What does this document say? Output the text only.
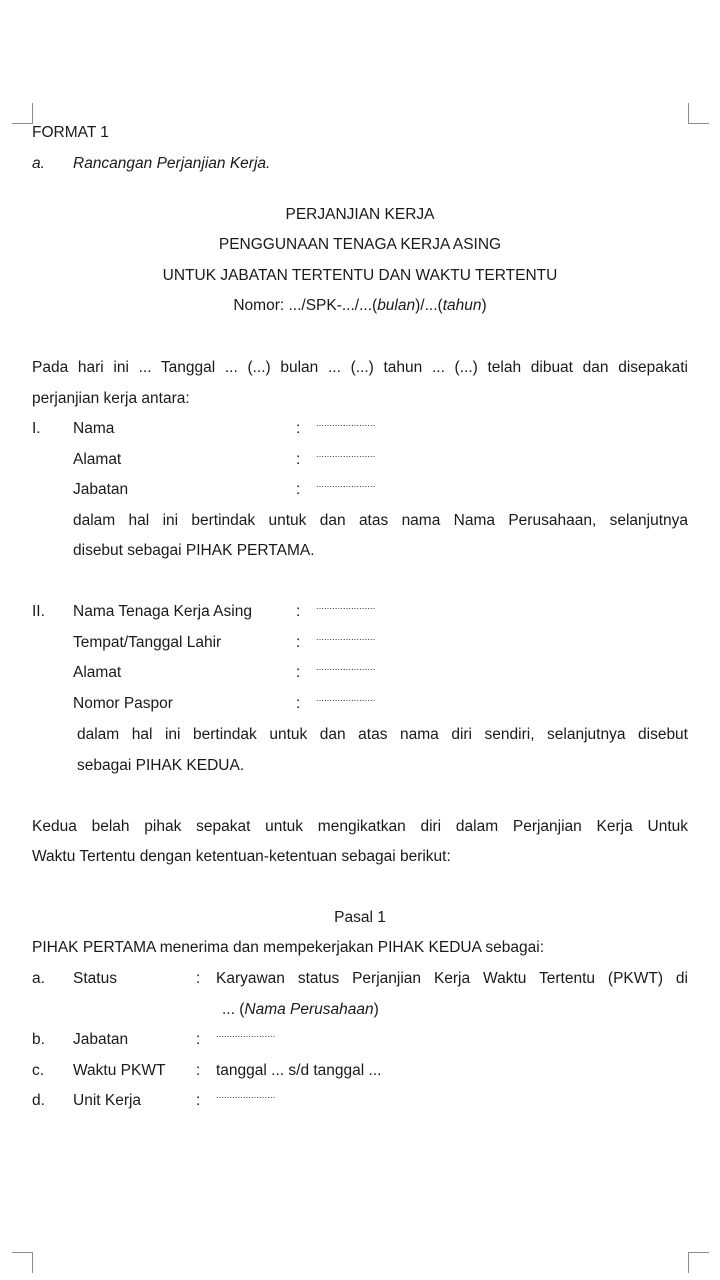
FORMAT 1
a. Rancangan Perjanjian Kerja.
PERJANJIAN KERJA
PENGGUNAAN TENAGA KERJA ASING
UNTUK JABATAN TERTENTU DAN WAKTU TERTENTU
Nomor: .../SPK-.../...(bulan)/...(tahun)
Pada hari ini ... Tanggal ... (...) bulan ... (...) tahun ... (...) telah dibuat dan disepakati
perjanjian kerja antara:
I. Nama	: ......................
Alamat	: ......................
Jabatan	: ......................
dalam hal ini bertindak untuk dan atas nama Nama Perusahaan, selanjutnya
disebut sebagai PIHAK PERTAMA.
II. Nama Tenaga Kerja Asing	: ......................
Tempat/Tanggal Lahir	: ......................
Alamat	: ......................
Nomor Paspor	: ......................
dalam hal ini bertindak untuk dan atas nama diri sendiri, selanjutnya disebut
sebagai PIHAK KEDUA.
Kedua belah pihak sepakat untuk mengikatkan diri dalam Perjanjian Kerja Untuk
Waktu Tertentu dengan ketentuan-ketentuan sebagai berikut:
Pasal 1
PIHAK PERTAMA menerima dan mempekerjakan PIHAK KEDUA sebagai:
a. Status	: Karyawan status Perjanjian Kerja Waktu Tertentu (PKWT) di
... (Nama Perusahaan)
b. Jabatan	: ......................
c. Waktu PKWT : tanggal ... s/d tanggal ...
d. Unit Kerja	: ......................
